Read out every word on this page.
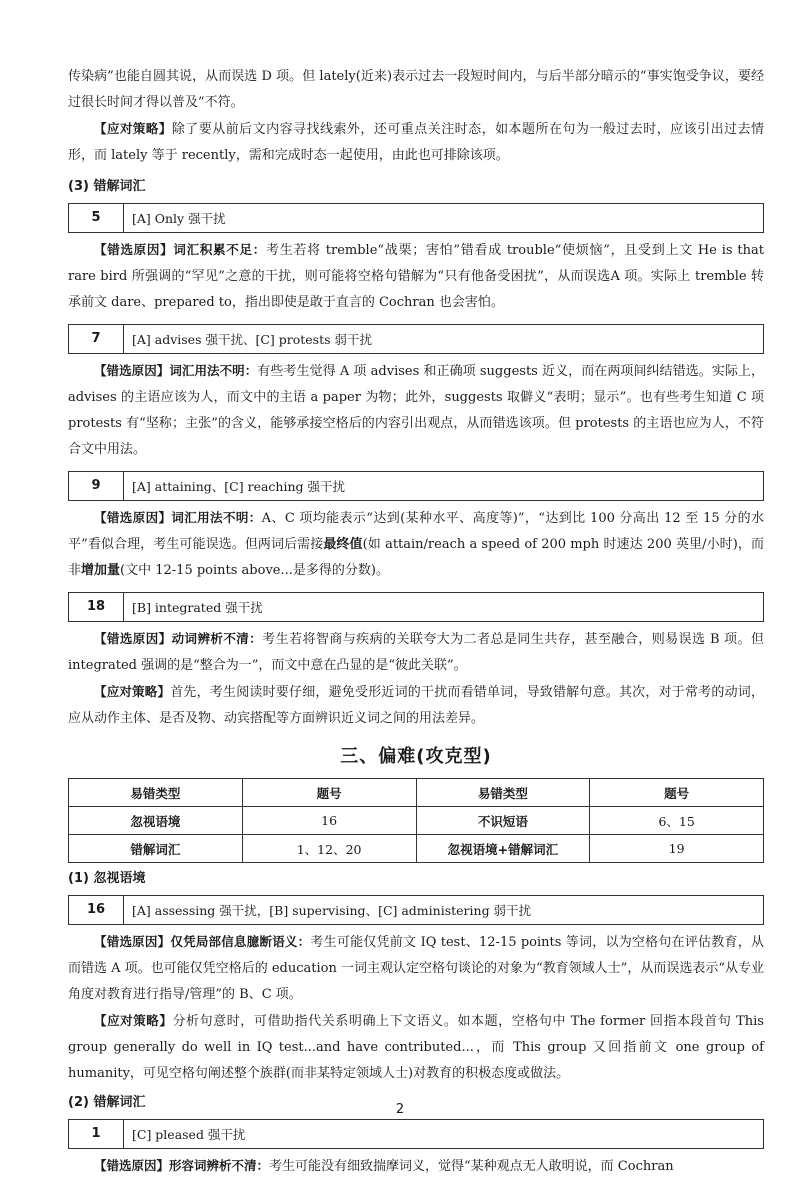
传染病”也能自圆其说，从而误选 D 项。但 lately(近来)表示过去一段短时间内，与后半部分暗示的“事实饱受争议，要经过很长时间才得以普及”不符。

【应对策略】除了要从前后文内容寻找线索外，还可重点关注时态，如本题所在句为一般过去时，应该引出过去情形，而 lately 等于 recently，需和完成时态一起使用，由此也可排除该项。

(3) 错解词汇
5	[A] Only 强干扰

【错选原因】词汇积累不足：考生若将 tremble“战栗；害怕”错看成 trouble“使烦恼”，且受到上文 He is that rare bird 所强调的“罕见”之意的干扰，则可能将空格句错解为“只有他备受困扰”，从而误选A 项。实际上 tremble 转承前文 dare、prepared to，指出即使是敢于直言的 Cochran 也会害怕。

7	[A] advises 强干扰、[C] protests 弱干扰

【错选原因】词汇用法不明：有些考生觉得 A 项 advises 和正确项 suggests 近义，而在两项间纠结错选。实际上，advises 的主语应该为人，而文中的主语 a paper 为物；此外，suggests 取僻义“表明；显示”。也有些考生知道 C 项 protests 有“坚称；主张”的含义，能够承接空格后的内容引出观点，从而错选该项。但 protests 的主语也应为人，不符合文中用法。

9	[A] attaining、[C] reaching 强干扰

【错选原因】词汇用法不明：A、C 项均能表示“达到(某种水平、高度等)”，“达到比 100 分高出 12 至 15 分的水平”看似合理，考生可能误选。但两词后需接最终值(如 attain/reach a speed of 200 mph 时速达 200 英里/小时)，而非增加量(文中 12-15 points above...是多得的分数)。

18	[B] integrated 强干扰

【错选原因】动词辨析不清：考生若将智商与疾病的关联夸大为二者总是同生共存，甚至融合，则易误选 B 项。但 integrated 强调的是“整合为一”，而文中意在凸显的是“彼此关联”。

【应对策略】首先，考生阅读时要仔细，避免受形近词的干扰而看错单词，导致错解句意。其次，对于常考的动词，应从动作主体、是否及物、动宾搭配等方面辨识近义词之间的用法差异。

三、偏难(攻克型)
易错类型	题号	易错类型	题号
忽视语境	16	不识短语	6、15
错解词汇	1、12、20	忽视语境+错解词汇	19
(1) 忽视语境
16	[A] assessing 强干扰，[B] supervising、[C] administering 弱干扰

【错选原因】仅凭局部信息臆断语义：考生可能仅凭前文 IQ test、12-15 points 等词，以为空格句在评估教育，从而错选 A 项。也可能仅凭空格后的 education 一词主观认定空格句谈论的对象为“教育领域人士”，从而误选表示“从专业角度对教育进行指导/管理”的 B、C 项。

【应对策略】分析句意时，可借助指代关系明确上下文语义。如本题，空格句中 The former 回指本段首句 This group generally do well in IQ test...and have contributed...，而 This group 又回指前文 one group of humanity，可见空格句阐述整个族群(而非某特定领域人士)对教育的积极态度或做法。

(2) 错解词汇
1	[C] pleased 强干扰

【错选原因】形容词辨析不清：考生可能没有细致揣摩词义，觉得“某种观点无人敢明说，而 Cochran

2
